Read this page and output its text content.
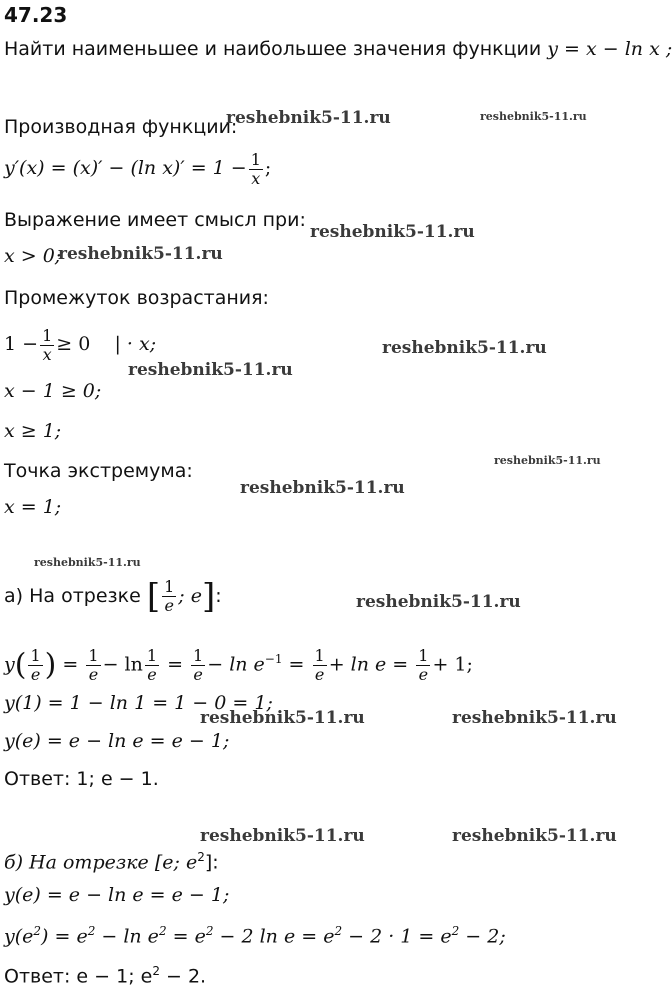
47.23
Найти наименьшее и наибольшее значения функции y = x − ln x ;
Производная функции:
y′(x) = (x)′ − (ln $x)' = 1 - \frac{1}{x}$ ;
Выражение имеет смысл при:
x > 0;
Промежуток возрастания:
$1 - \frac{1}{x} \ge 0$ | · x;
x − 1 ≥ 0;
x ≥ 1;
Точка экстремума:
x = 1;
а) На отрезке [ $\frac{1}{e}$ ; e]:
$y( \frac{1}{e}$ ) = $\frac{1}{e} - \ln \frac{1}{e} = \frac{1}{e} - \ln e^{-1} = \frac{1}{e} + \ln e = \frac{1}{e} + 1$;
y(1) = 1 − ln 1 = 1 − 0 = 1;
y(e) = e − ln e = e − 1;
Ответ: 1; e − 1.
б) На отрезке [e; $e^2$]:
y(e) = e − ln e = e − 1;
$y(e^2) = e^2 - \ln e^2 = e^2 - 2$ $\ln e = e^2 - 2 \cdot 1 = e^2 - 2$;
Ответ: e − 1; $e^2 - 2$.
reshebnik5-11.ru	reshebnik5-11.ru
reshebnik5-11.ru
reshebnik5-11.ru
reshebnik5-11.ru
reshebnik5-11.ru
reshebnik5-11.ru
reshebnik5-11.ru
reshebnik5-11.ru
reshebnik5-11.ru
reshebnik5-11.ru	reshebnik5-11.ru
reshebnik5-11.ru	reshebnik5-11.ru
